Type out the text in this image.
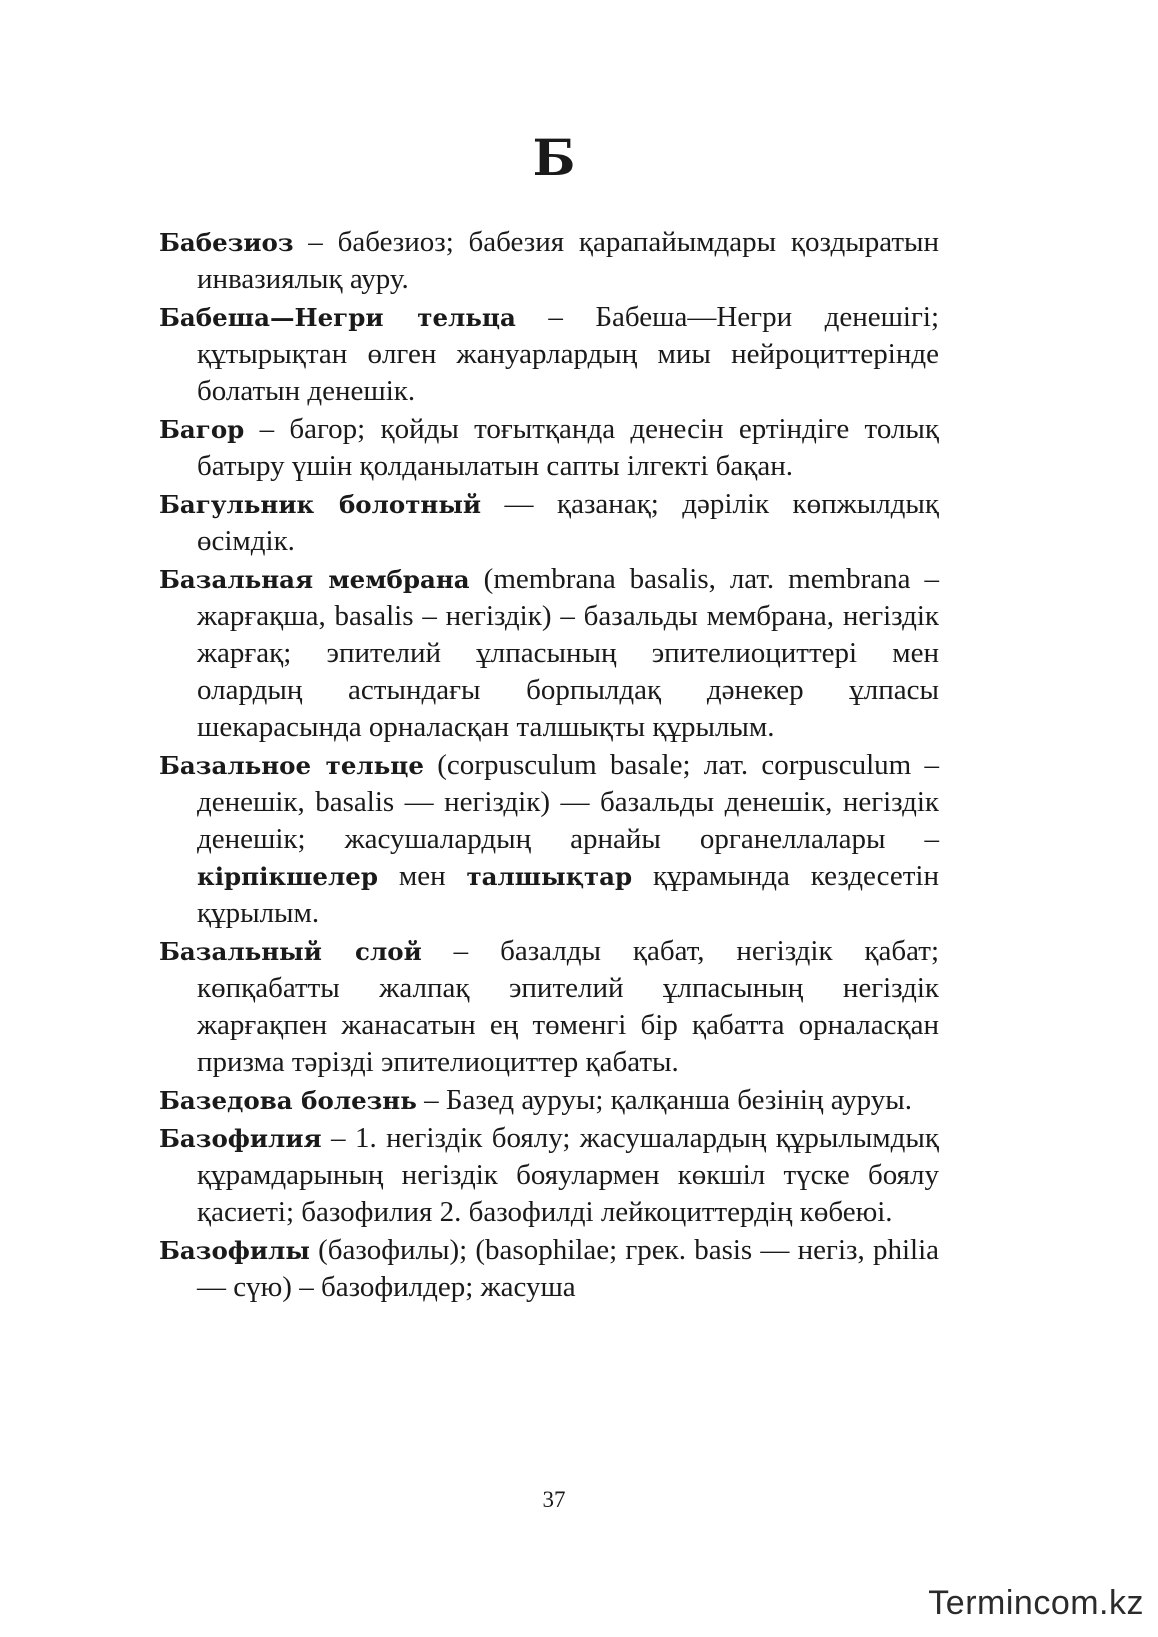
Б

Бабезиоз – бабезиоз; бабезия қарапайымдары қоздыратын инвазиялық ауру.

Бабеша—Негри тельца – Бабеша—Негри денешігі; құтырықтан өлген жануарлардың миы нейроциттерінде болатын денешік.

Багор – багор; қойды тоғытқанда денесін ертіндіге толық батыру үшін қолданылатын сапты ілгекті бақан.

Багульник болотный — қазанақ; дәрілік көпжылдық өсімдік.

Базальная мембрана (membrana basalis, лат. membrana – жарғақша, basalis – негіздік) – базальды мембрана, негіздік жарғақ; эпителий ұлпасының эпителиоциттері мен олардың астындағы борпылдақ дәнекер ұлпасы шекарасында орналасқан талшықты құрылым.

Базальное тельце (corpusculum basale; лат. corpusculum – денешік, basalis — негіздік) — базальды денешік, негіздік денешік; жасушалардың арнайы органеллалары – кірпікшелер мен талшықтар құрамында кездесетін құрылым.

Базальный слой – базалды қабат, негіздік қабат; көпқабатты жалпақ эпителий ұлпасының негіздік жарғақпен жанасатын ең төменгі бір қабатта орналасқан призма тәрізді эпителиоциттер қабаты.

Базедова болезнь – Базед ауруы; қалқанша безінің ауруы.

Базофилия – 1. негіздік боялу; жасушалардың құрылымдық құрамдарының негіздік бояулармен көкшіл түске боялу қасиеті; базофилия 2. базофилді лейкоциттердің көбеюі.

Базофилы (базофилы); (basophilae; грек. basis — негіз, philia — сүю) – базофилдер; жасуша

37
Termincom.kz
